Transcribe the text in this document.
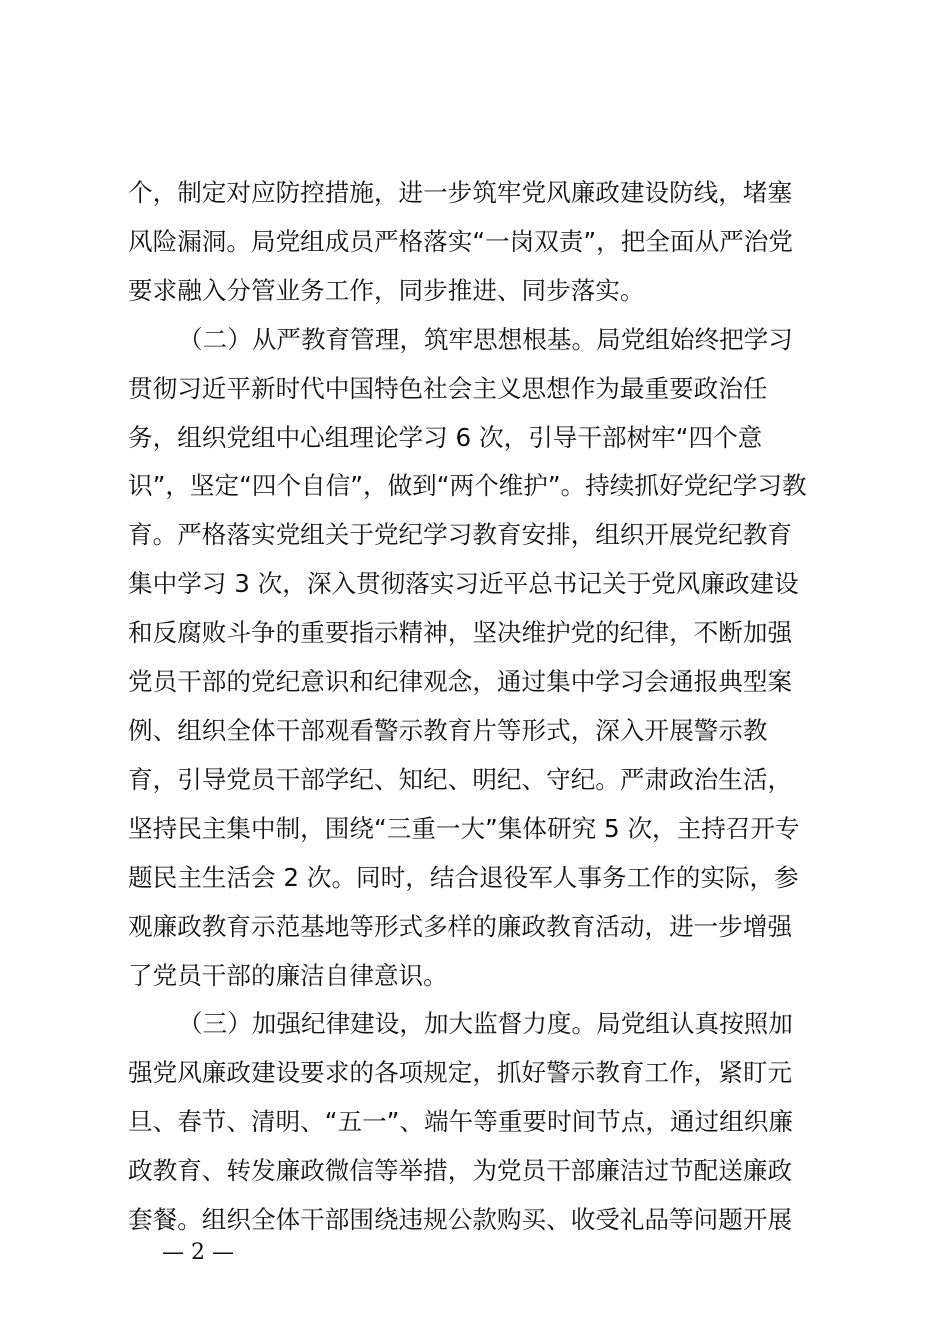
个，制定对应防控措施，进一步筑牢党风廉政建设防线，堵塞
风险漏洞。局党组成员严格落实“一岗双责”，把全面从严治党
要求融入分管业务工作，同步推进、同步落实。
（二）从严教育管理，筑牢思想根基。局党组始终把学习
贯彻习近平新时代中国特色社会主义思想作为最重要政治任
务，组织党组中心组理论学习 6 次，引导干部树牢“四个意
识”，坚定“四个自信”，做到“两个维护”。持续抓好党纪学习教
育。严格落实党组关于党纪学习教育安排，组织开展党纪教育
集中学习 3 次，深入贯彻落实习近平总书记关于党风廉政建设
和反腐败斗争的重要指示精神，坚决维护党的纪律，不断加强
党员干部的党纪意识和纪律观念，通过集中学习会通报典型案
例、组织全体干部观看警示教育片等形式，深入开展警示教
育，引导党员干部学纪、知纪、明纪、守纪。严肃政治生活，
坚持民主集中制，围绕“三重一大”集体研究 5 次，主持召开专
题民主生活会 2 次。同时，结合退役军人事务工作的实际，参
观廉政教育示范基地等形式多样的廉政教育活动，进一步增强
了党员干部的廉洁自律意识。
（三）加强纪律建设，加大监督力度。局党组认真按照加
强党风廉政建设要求的各项规定，抓好警示教育工作，紧盯元
旦、春节、清明、“五一”、端午等重要时间节点，通过组织廉
政教育、转发廉政微信等举措，为党员干部廉洁过节配送廉政
套餐。组织全体干部围绕违规公款购买、收受礼品等问题开展
— 2 —
